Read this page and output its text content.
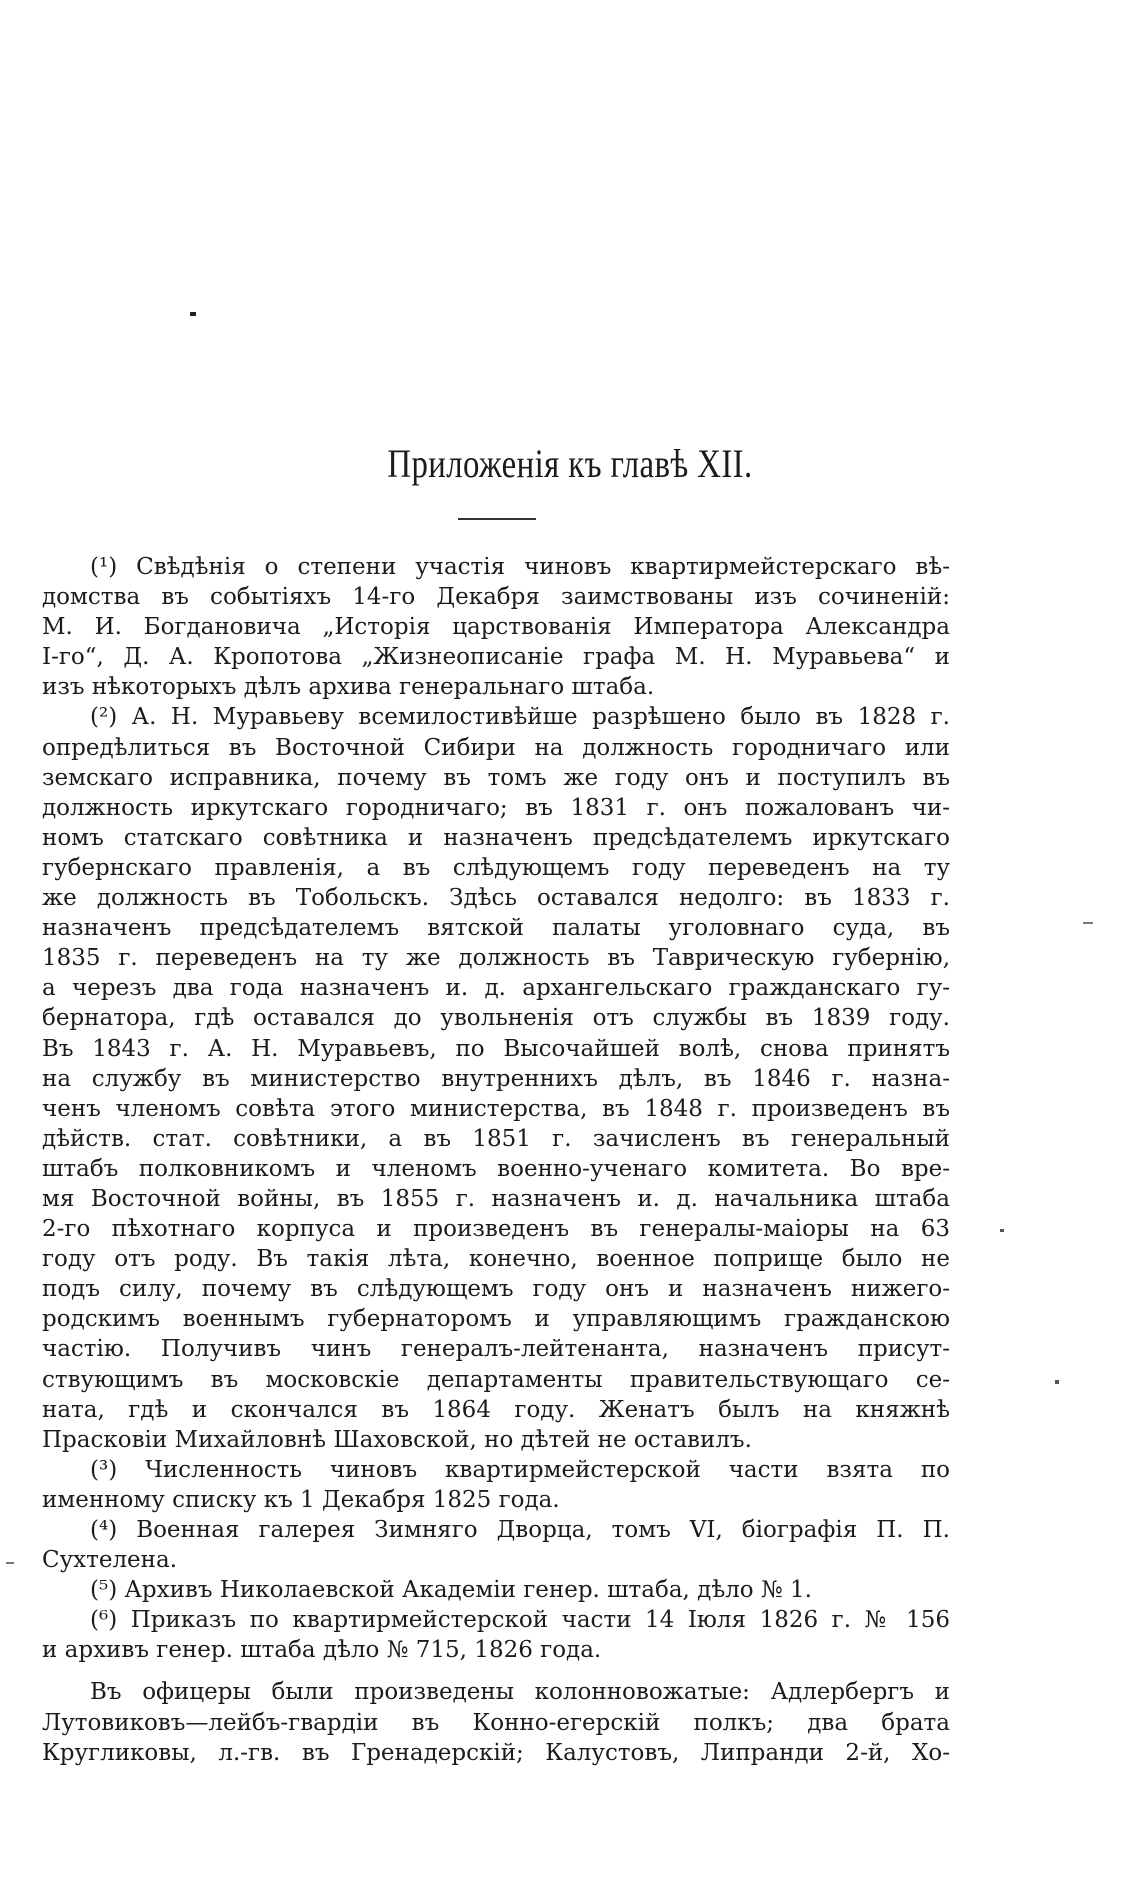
Приложенія къ главѣ XII.
(¹) Свѣдѣнія о степени участія чиновъ квартирмейстерскаго вѣ-
домства въ событіяхъ 14-го Декабря заимствованы изъ сочиненій:
М. И. Богдановича „Исторія царствованія Императора Александра
І-го“, Д. А. Кропотова „Жизнеописаніе графа М. Н. Муравьева“ и
изъ нѣкоторыхъ дѣлъ архива генеральнаго штаба.
(²) А. Н. Муравьеву всемилостивѣйше разрѣшено было въ 1828 г.
опредѣлиться въ Восточной Сибири на должность городничаго или
земскаго исправника, почему въ томъ же году онъ и поступилъ въ
должность иркутскаго городничаго; въ 1831 г. онъ пожалованъ чи-
номъ статскаго совѣтника и назначенъ предсѣдателемъ иркутскаго
губернскаго правленія, а въ слѣдующемъ году переведенъ на ту
же должность въ Тобольскъ. Здѣсь оставался недолго: въ 1833 г.
назначенъ предсѣдателемъ вятской палаты уголовнаго суда, въ
1835 г. переведенъ на ту же должность въ Таврическую губернію,
а черезъ два года назначенъ и. д. архангельскаго гражданскаго гу-
бернатора, гдѣ оставался до увольненія отъ службы въ 1839 году.
Въ 1843 г. А. Н. Муравьевъ, по Высочайшей волѣ, снова принятъ
на службу въ министерство внутреннихъ дѣлъ, въ 1846 г. назна-
ченъ членомъ совѣта этого министерства, въ 1848 г. произведенъ въ
дѣйств. стат. совѣтники, а въ 1851 г. зачисленъ въ генеральный
штабъ полковникомъ и членомъ военно-ученаго комитета. Во вре-
мя Восточной войны, въ 1855 г. назначенъ и. д. начальника штаба
2-го пѣхотнаго корпуса и произведенъ въ генералы-маіоры на 63
году отъ роду. Въ такія лѣта, конечно, военное поприще было не
подъ силу, почему въ слѣдующемъ году онъ и назначенъ нижего-
родскимъ военнымъ губернаторомъ и управляющимъ гражданскою
частію. Получивъ чинъ генералъ-лейтенанта, назначенъ присут-
ствующимъ въ московскіе департаменты правительствующаго се-
ната, гдѣ и скончался въ 1864 году. Женатъ былъ на княжнѣ
Прасковіи Михайловнѣ Шаховской, но дѣтей не оставилъ.
(³) Численность чиновъ квартирмейстерской части взята по
именному списку къ 1 Декабря 1825 года.
(⁴) Военная галерея Зимняго Дворца, томъ VI, біографія П. П.
Сухтелена.
(⁵) Архивъ Николаевской Академіи генер. штаба, дѣло № 1.
(⁶) Приказъ по квартирмейстерской части 14 Іюля 1826 г. № 156
и архивъ генер. штаба дѣло № 715, 1826 года.
Въ офицеры были произведены колонновожатые: Адлербергъ и
Лутовиковъ—лейбъ-гвардіи въ Конно-егерскій полкъ; два брата
Кругликовы, л.-гв. въ Гренадерскій; Калустовъ, Липранди 2-й, Хо-
